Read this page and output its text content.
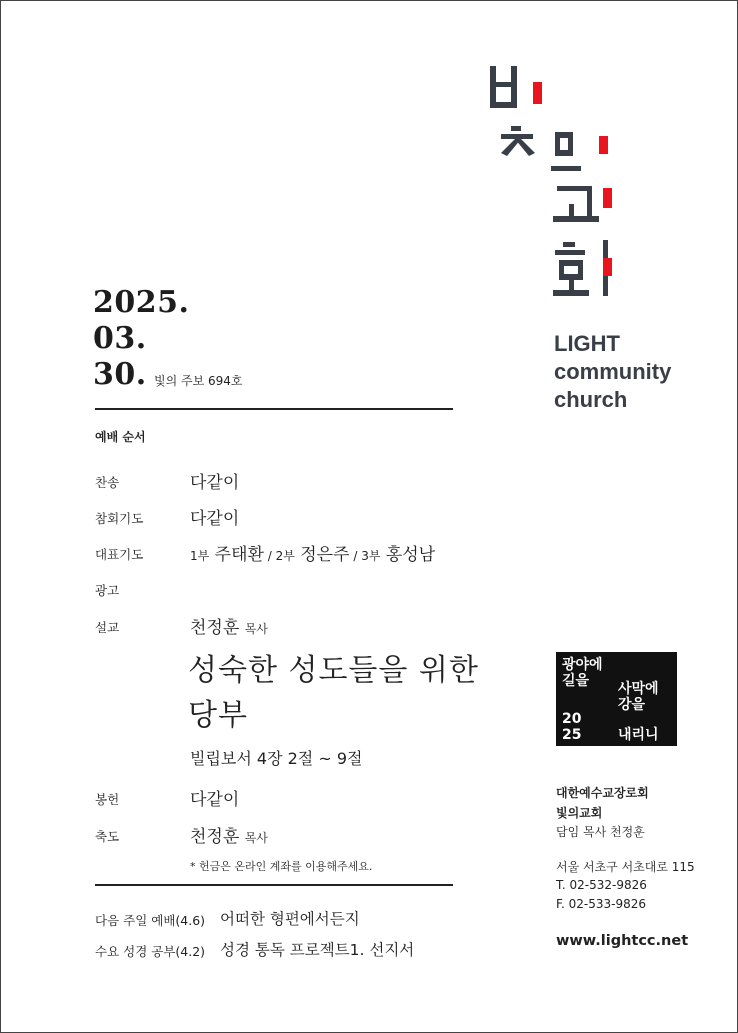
2025.
03.
30. 빛의 주보 694호
예배 순서
찬송	다같이
참회기도	다같이
대표기도	1부 주태환 / 2부 정은주 / 3부 홍성남
광고
설교	천정훈 목사
성숙한 성도들을 위한
당부
빌립보서 4장 2절 ~ 9절
봉헌	다같이
축도	천정훈 목사
* 헌금은 온라인 계좌를 이용해주세요.
다음 주일 예배(4.6) 어떠한 형편에서든지
수요 성경 공부(4.2) 성경 통독 프로젝트1. 선지서
LIGHT
community
church
광야에
길을 사막에
강을
20
25	내리니
대한예수교장로회
빛의교회
담임 목사 천정훈
서울 서초구 서초대로 115
T. 02-532-9826
F. 02-533-9826
www.lightcc.net
